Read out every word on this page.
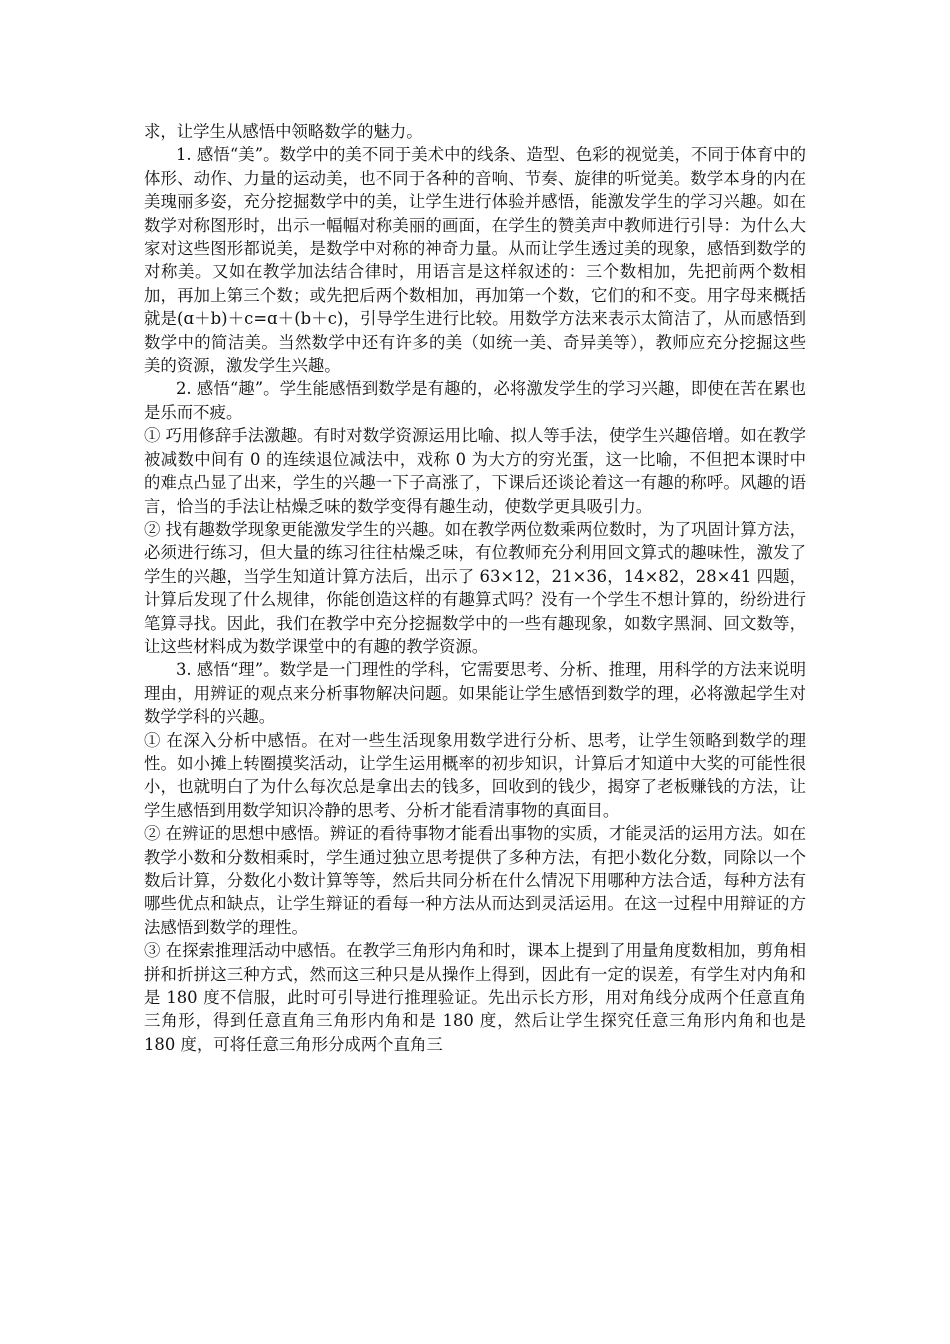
求，让学生从感悟中领略数学的魅力。

1. 感悟“美”。数学中的美不同于美术中的线条、造型、色彩的视觉美，不同于体育中的体形、动作、力量的运动美，也不同于各种的音响、节奏、旋律的听觉美。数学本身的内在美瑰丽多姿，充分挖掘数学中的美，让学生进行体验并感悟，能激发学生的学习兴趣。如在数学对称图形时，出示一幅幅对称美丽的画面，在学生的赞美声中教师进行引导：为什么大家对这些图形都说美，是数学中对称的神奇力量。从而让学生透过美的现象，感悟到数学的对称美。又如在教学加法结合律时，用语言是这样叙述的：三个数相加，先把前两个数相加，再加上第三个数；或先把后两个数相加，再加第一个数，它们的和不变。用字母来概括就是(ɑ＋b)＋c=ɑ＋(b＋c)，引导学生进行比较。用数学方法来表示太简洁了，从而感悟到数学中的简洁美。当然数学中还有许多的美（如统一美、奇异美等），教师应充分挖掘这些美的资源，激发学生兴趣。

2. 感悟“趣”。学生能感悟到数学是有趣的，必将激发学生的学习兴趣，即使在苦在累也是乐而不疲。

① 巧用修辞手法激趣。有时对数学资源运用比喻、拟人等手法，使学生兴趣倍增。如在教学被减数中间有 0 的连续退位减法中，戏称 0 为大方的穷光蛋，这一比喻，不但把本课时中的难点凸显了出来，学生的兴趣一下子高涨了，下课后还谈论着这一有趣的称呼。风趣的语言，恰当的手法让枯燥乏味的数学变得有趣生动，使数学更具吸引力。

② 找有趣数学现象更能激发学生的兴趣。如在教学两位数乘两位数时，为了巩固计算方法，必须进行练习，但大量的练习往往枯燥乏味，有位教师充分利用回文算式的趣味性，激发了学生的兴趣，当学生知道计算方法后，出示了 63×12，21×36，14×82，28×41 四题，计算后发现了什么规律，你能创造这样的有趣算式吗？没有一个学生不想计算的，纷纷进行笔算寻找。因此，我们在教学中充分挖掘数学中的一些有趣现象，如数字黑洞、回文数等，让这些材料成为数学课堂中的有趣的教学资源。

3. 感悟“理”。数学是一门理性的学科，它需要思考、分析、推理，用科学的方法来说明理由，用辨证的观点来分析事物解决问题。如果能让学生感悟到数学的理，必将激起学生对数学学科的兴趣。

① 在深入分析中感悟。在对一些生活现象用数学进行分析、思考，让学生领略到数学的理性。如小摊上转圈摸奖活动，让学生运用概率的初步知识，计算后才知道中大奖的可能性很小，也就明白了为什么每次总是拿出去的钱多，回收到的钱少，揭穿了老板赚钱的方法，让学生感悟到用数学知识冷静的思考、分析才能看清事物的真面目。

② 在辨证的思想中感悟。辨证的看待事物才能看出事物的实质，才能灵活的运用方法。如在教学小数和分数相乘时，学生通过独立思考提供了多种方法，有把小数化分数，同除以一个数后计算，分数化小数计算等等，然后共同分析在什么情况下用哪种方法合适，每种方法有哪些优点和缺点，让学生辩证的看每一种方法从而达到灵活运用。在这一过程中用辩证的方法感悟到数学的理性。

③ 在探索推理活动中感悟。在教学三角形内角和时，课本上提到了用量角度数相加，剪角相拼和折拼这三种方式，然而这三种只是从操作上得到，因此有一定的误差，有学生对内角和是 180 度不信服，此时可引导进行推理验证。先出示长方形，用对角线分成两个任意直角三角形，得到任意直角三角形内角和是 180 度，然后让学生探究任意三角形内角和也是 180 度，可将任意三角形分成两个直角三
